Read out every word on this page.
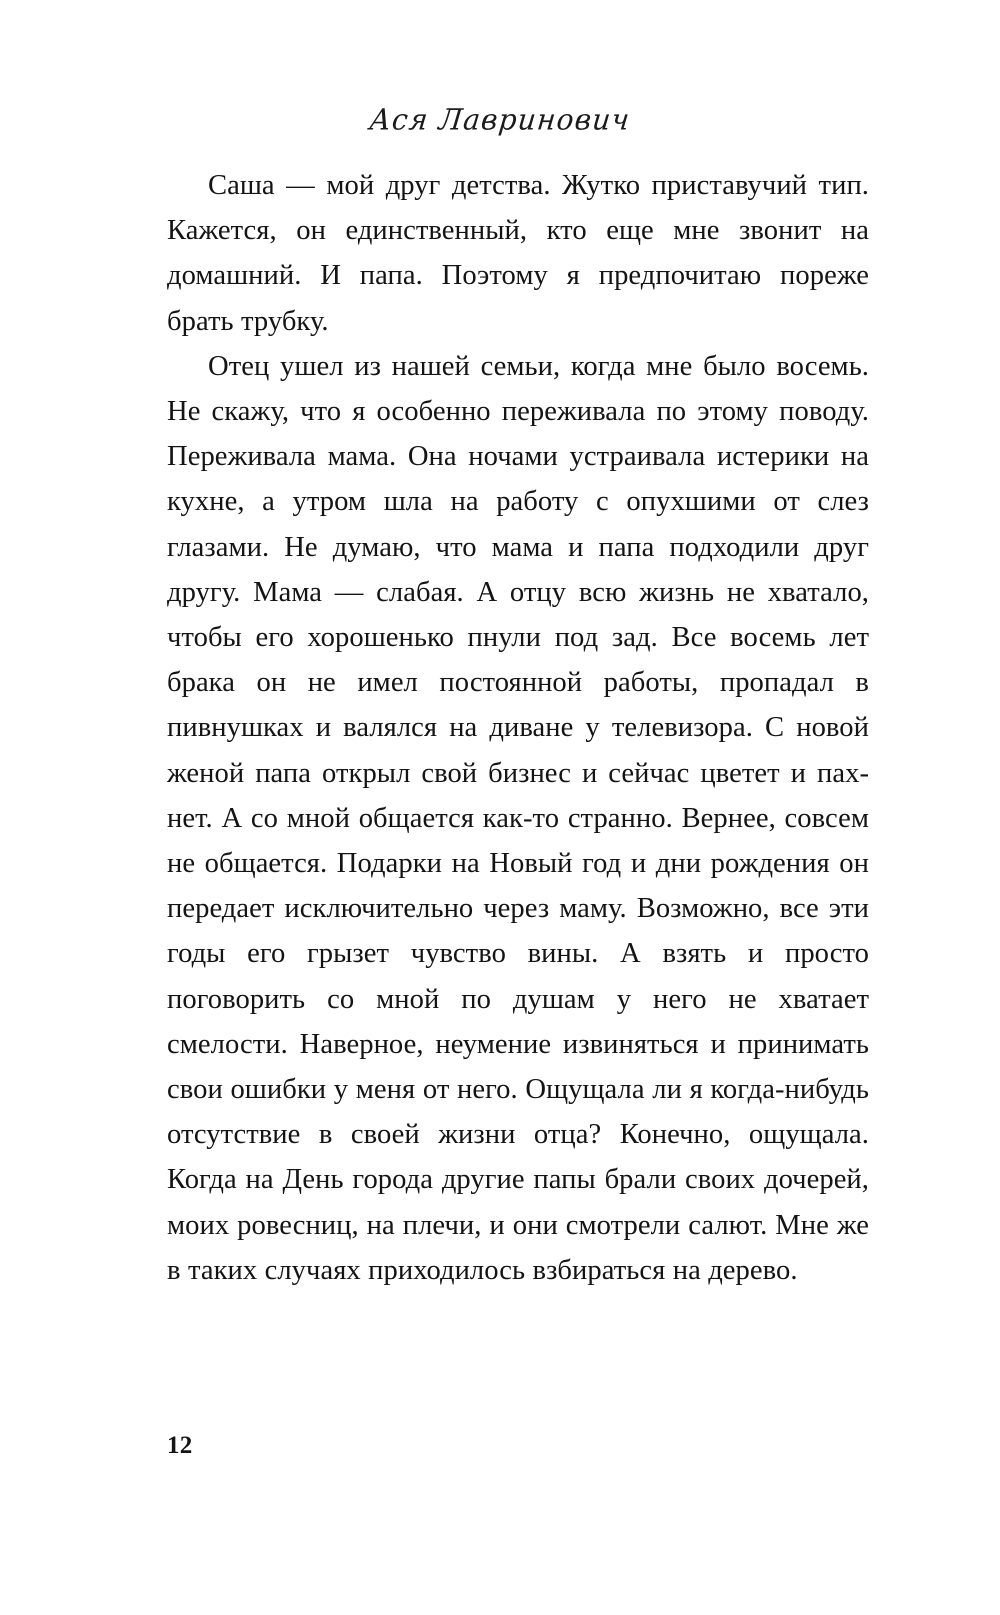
Ася Лавринович

Саша — мой друг детства. Жутко приставучий тип. Кажется, он единственный, кто еще мне звонит на домашний. И папа. Поэтому я предпочитаю пореже брать трубку.

Отец ушел из нашей семьи, когда мне было восемь. Не скажу, что я особенно переживала по этому поводу. Переживала мама. Она ночами устраивала истерики на кухне, а утром шла на работу с опухшими от слез глазами. Не думаю, что мама и папа подходили друг другу. Мама — слабая. А отцу всю жизнь не хватало, чтобы его хорошенько пнули под зад. Все восемь лет брака он не имел постоянной работы, пропадал в пивнушках и валялся на диване у телевизора. С новой женой папа открыл свой бизнес и сейчас цветет и пахнет. А со мной общается как-то странно. Вернее, совсем не общается. Подарки на Новый год и дни рождения он передает исключительно через маму. Возможно, все эти годы его грызет чувство вины. А взять и просто поговорить со мной по душам у него не хватает смелости. Наверное, неумение извиняться и принимать свои ошибки у меня от него. Ощущала ли я когда-нибудь отсутствие в своей жизни отца? Конечно, ощущала. Когда на День города другие папы брали своих дочерей, моих ровесниц, на плечи, и они смотрели салют. Мне же в таких случаях приходилось взбираться на дерево.

12
